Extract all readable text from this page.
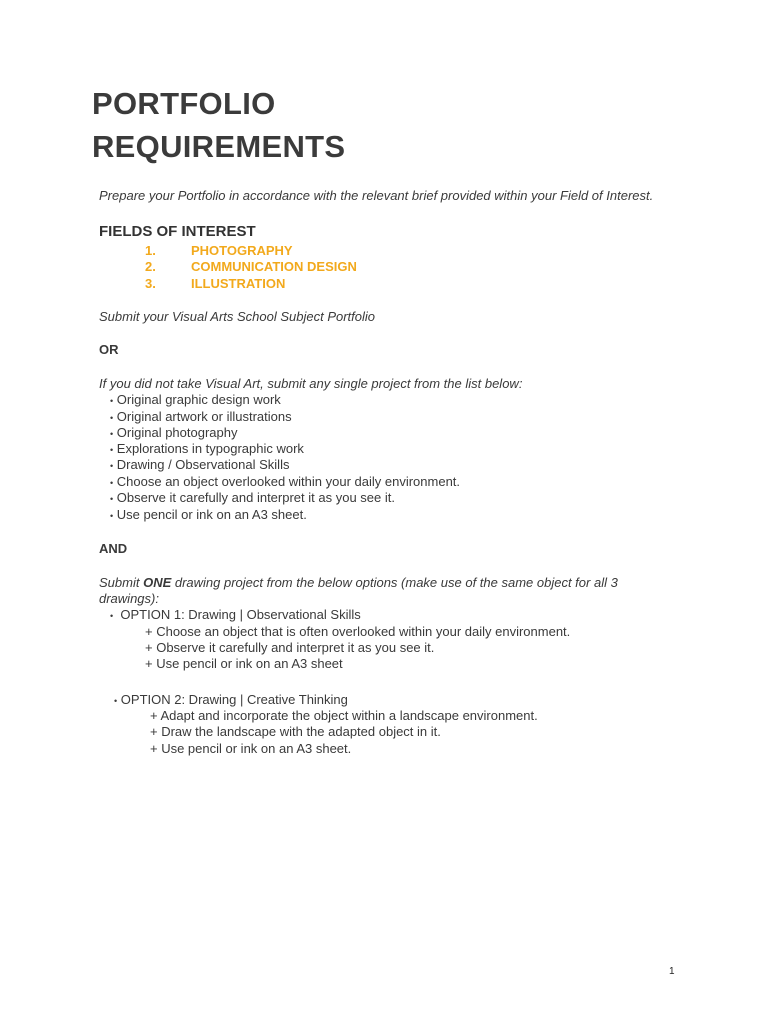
PORTFOLIO
REQUIREMENTS
Prepare your Portfolio in accordance with the relevant brief provided within your Field of Interest.
FIELDS OF INTEREST
1.	PHOTOGRAPHY
2.	COMMUNICATION DESIGN
3.	ILLUSTRATION
Submit your Visual Arts School Subject Portfolio
OR
If you did not take Visual Art, submit any single project from the list below:
• Original graphic design work
• Original artwork or illustrations
• Original photography
• Explorations in typographic work
• Drawing / Observational Skills
• Choose an object overlooked within your daily environment.
• Observe it carefully and interpret it as you see it.
• Use pencil or ink on an A3 sheet.
AND
Submit ONE drawing project from the below options (make use of the same object for all 3
drawings):
• OPTION 1: Drawing | Observational Skills
+ Choose an object that is often overlooked within your daily environment.
+ Observe it carefully and interpret it as you see it.
+ Use pencil or ink on an A3 sheet
• OPTION 2: Drawing | Creative Thinking
+ Adapt and incorporate the object within a landscape environment.
+ Draw the landscape with the adapted object in it.
+ Use pencil or ink on an A3 sheet.
1
